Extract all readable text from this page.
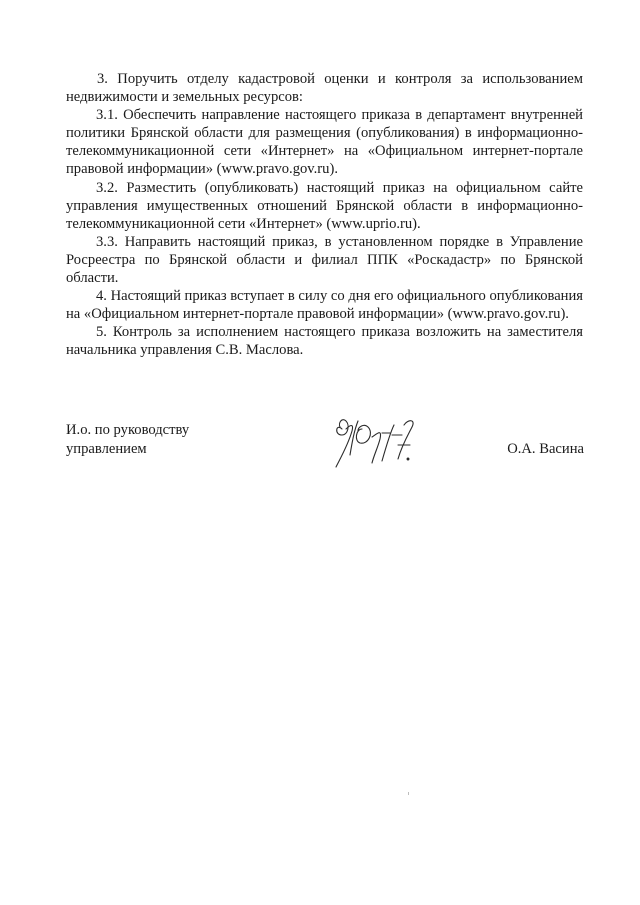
3. Поручить отделу кадастровой оценки и контроля за использованием недвижимости и земельных ресурсов:

3.1. Обеспечить направление настоящего приказа в департамент внутренней политики Брянской области для размещения (опубликования) в информационно-телекоммуникационной сети «Интернет» на «Официальном интернет-портале правовой информации» (www.pravo.gov.ru).

3.2. Разместить (опубликовать) настоящий приказ на официальном сайте управления имущественных отношений Брянской области в информационно-телекоммуникационной сети «Интернет» (www.uprio.ru).

3.3. Направить настоящий приказ, в установленном порядке в Управление Росреестра по Брянской области и филиал ППК «Роскадастр» по Брянской области.

4. Настоящий приказ вступает в силу со дня его официального опубликования на «Официальном интернет-портале правовой информации» (www.pravo.gov.ru).

5. Контроль за исполнением настоящего приказа возложить на заместителя начальника управления С.В. Маслова.

И.о. по руководству
управлением	О.А. Васина
